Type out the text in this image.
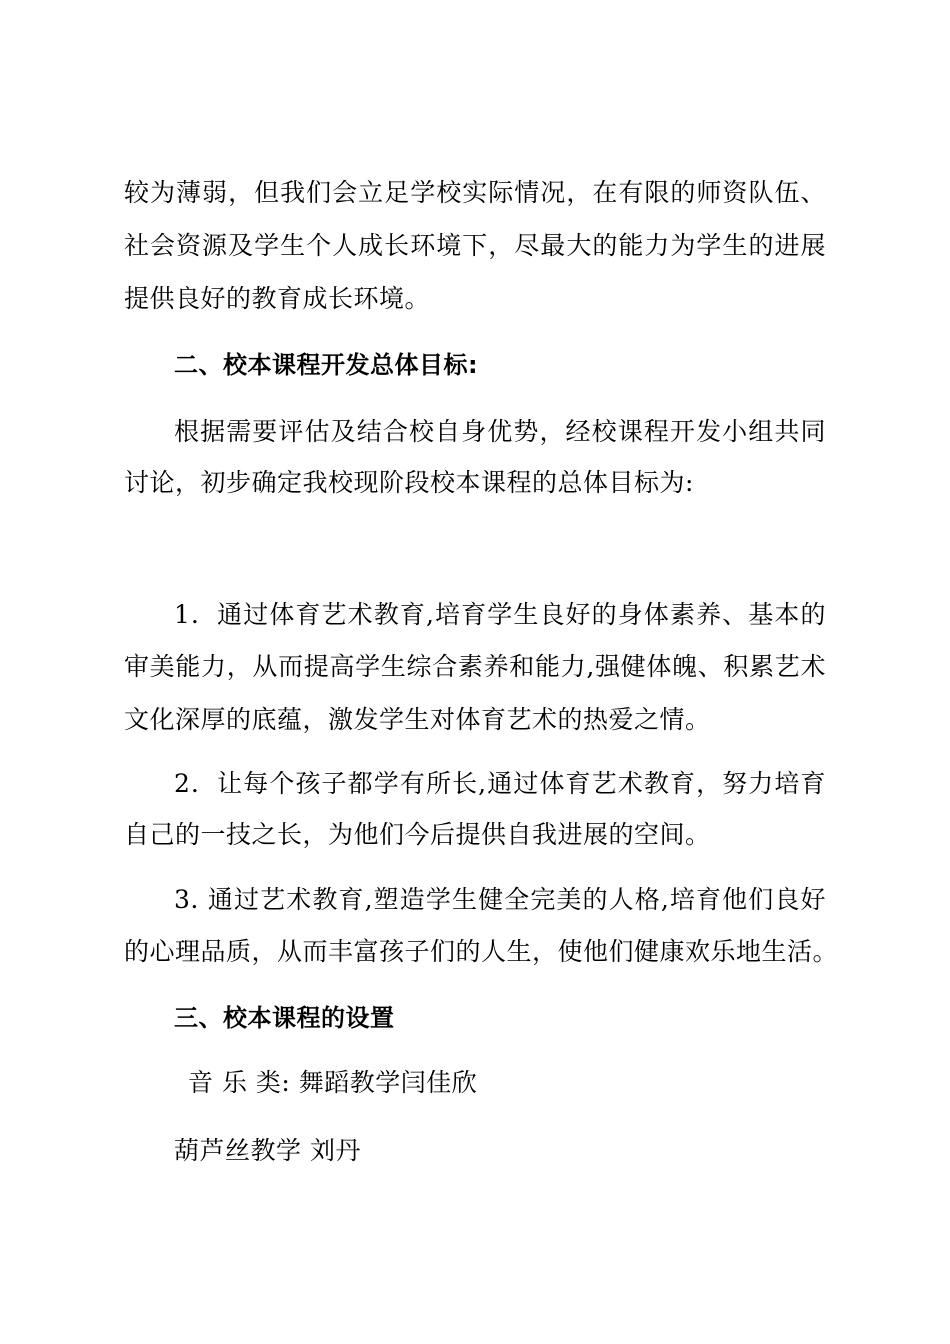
较为薄弱，但我们会立足学校实际情况，在有限的师资队伍、
社会资源及学生个人成长环境下，尽最大的能力为学生的进展
提供良好的教育成长环境。
二、校本课程开发总体目标:
根据需要评估及结合校自身优势，经校课程开发小组共同
讨论，初步确定我校现阶段校本课程的总体目标为:
1．通过体育艺术教育,培育学生良好的身体素养、基本的
审美能力，从而提高学生综合素养和能力,强健体魄、积累艺术
文化深厚的底蕴，激发学生对体育艺术的热爱之情。
2．让每个孩子都学有所长,通过体育艺术教育，努力培育
自己的一技之长，为他们今后提供自我进展的空间。
3. 通过艺术教育,塑造学生健全完美的人格,培育他们良好
的心理品质，从而丰富孩子们的人生，使他们健康欢乐地生活。
三、校本课程的设置
音 乐 类: 舞蹈教学闫佳欣
葫芦丝教学 刘丹
